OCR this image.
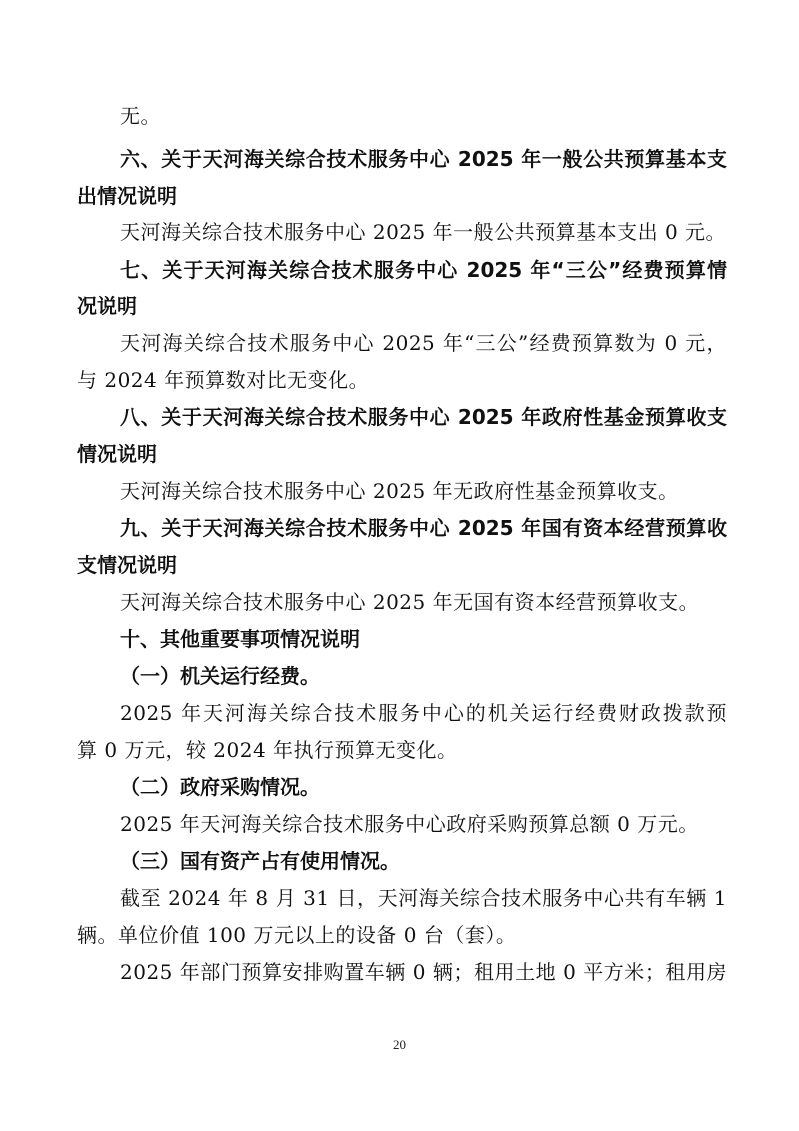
无。
六、关于天河海关综合技术服务中心 2025 年一般公共预算基本支
出情况说明
天河海关综合技术服务中心 2025 年一般公共预算基本支出 0 元。
七、关于天河海关综合技术服务中心 2025 年“三公”经费预算情
况说明
天河海关综合技术服务中心 2025 年“三公”经费预算数为 0 元，
与 2024 年预算数对比无变化。
八、关于天河海关综合技术服务中心 2025 年政府性基金预算收支
情况说明
天河海关综合技术服务中心 2025 年无政府性基金预算收支。
九、关于天河海关综合技术服务中心 2025 年国有资本经营预算收
支情况说明
天河海关综合技术服务中心 2025 年无国有资本经营预算收支。
十、其他重要事项情况说明
（一）机关运行经费。
2025 年天河海关综合技术服务中心的机关运行经费财政拨款预
算 0 万元，较 2024 年执行预算无变化。
（二）政府采购情况。
2025 年天河海关综合技术服务中心政府采购预算总额 0 万元。
（三）国有资产占有使用情况。
截至 2024 年 8 月 31 日，天河海关综合技术服务中心共有车辆 1
辆。单位价值 100 万元以上的设备 0 台（套）。
2025 年部门预算安排购置车辆 0 辆；租用土地 0 平方米；租用房
20
